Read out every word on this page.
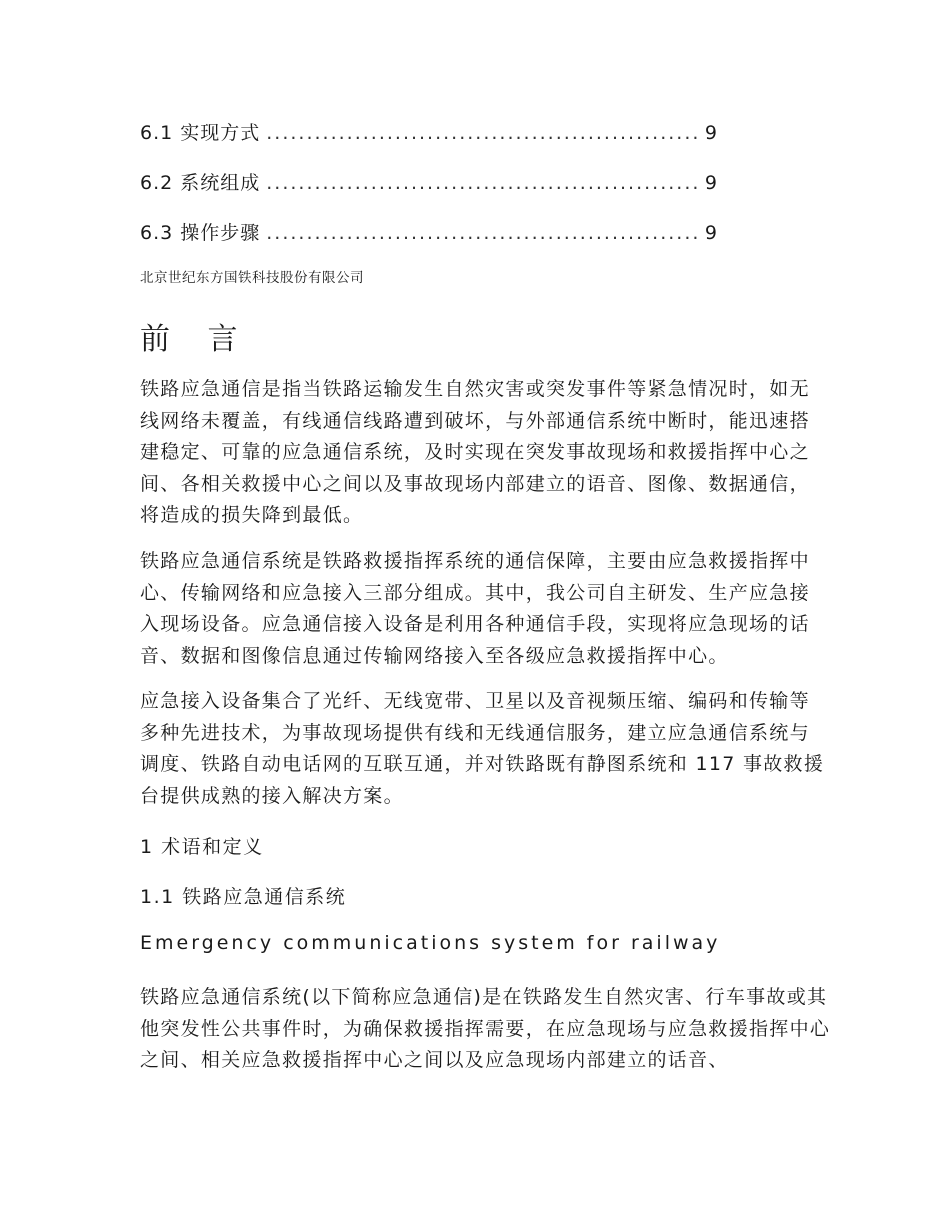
6.1 实现方式 .....	9
6.2 系统组成 .....	9
6.3 操作步骤 .....	9
北京世纪东方国铁科技股份有限公司
前 言

铁路应急通信是指当铁路运输发生自然灾害或突发事件等紧急情况时，如无线网络未覆盖，有线通信线路遭到破坏，与外部通信系统中断时，能迅速搭建稳定、可靠的应急通信系统，及时实现在突发事故现场和救援指挥中心之间、各相关救援中心之间以及事故现场内部建立的语音、图像、数据通信，将造成的损失降到最低。

铁路应急通信系统是铁路救援指挥系统的通信保障，主要由应急救援指挥中心、传输网络和应急接入三部分组成。其中，我公司自主研发、生产应急接入现场设备。应急通信接入设备是利用各种通信手段，实现将应急现场的话音、数据和图像信息通过传输网络接入至各级应急救援指挥中心。

应急接入设备集合了光纤、无线宽带、卫星以及音视频压缩、编码和传输等多种先进技术，为事故现场提供有线和无线通信服务，建立应急通信系统与调度、铁路自动电话网的互联互通，并对铁路既有静图系统和 117 事故救援台提供成熟的接入解决方案。

1 术语和定义
1.1 铁路应急通信系统
Emergency communications system for railway

铁路应急通信系统(以下简称应急通信)是在铁路发生自然灾害、行车事故或其他突发性公共事件时，为确保救援指挥需要，在应急现场与应急救援指挥中心之间、相关应急救援指挥中心之间以及应急现场内部建立的话音、
